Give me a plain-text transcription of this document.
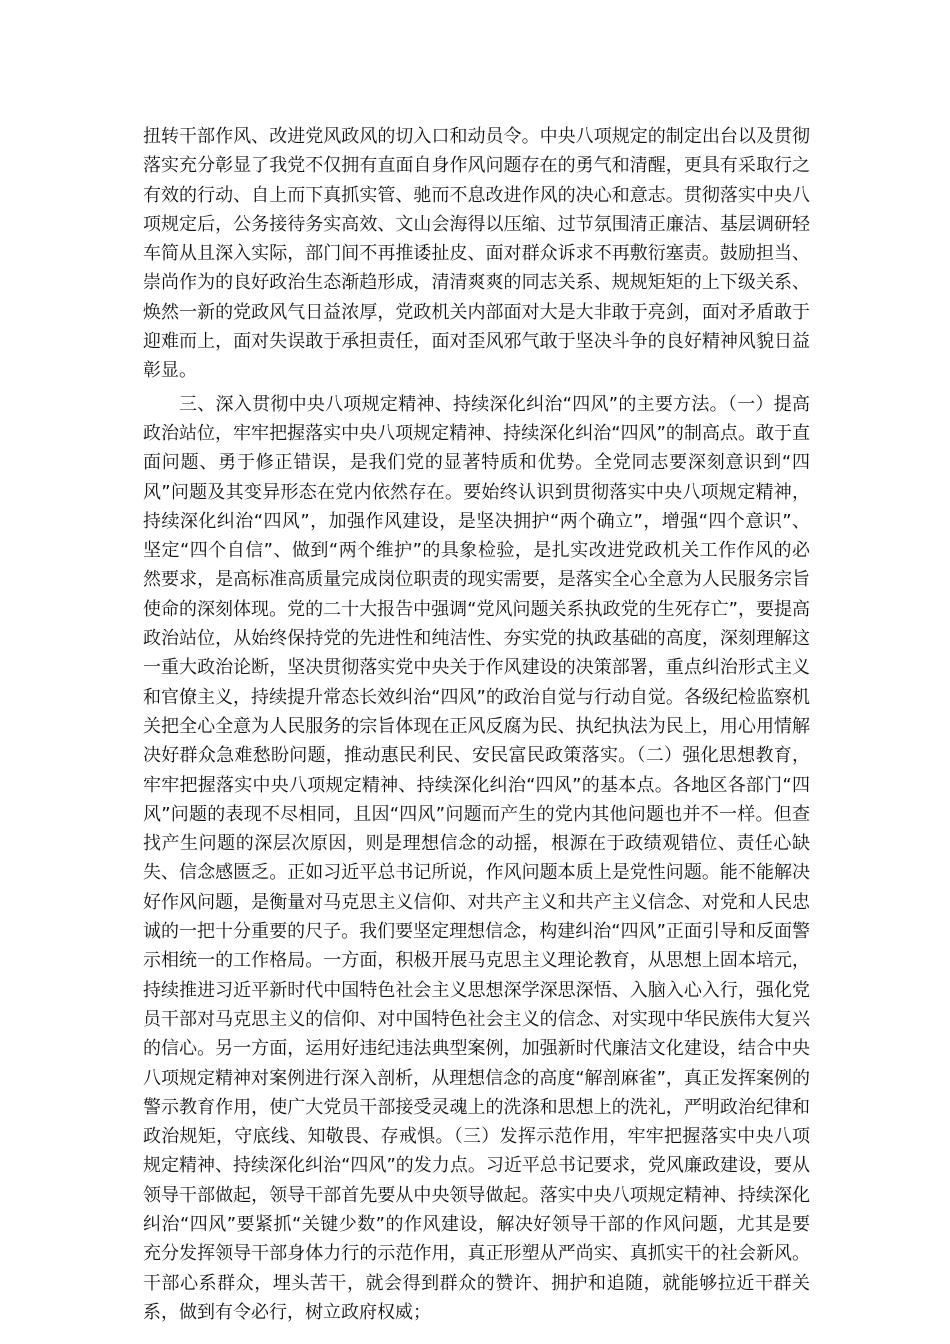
扭转干部作风、改进党风政风的切入口和动员令。中央八项规定的制定出台以及贯彻落实充分彰显了我党不仅拥有直面自身作风问题存在的勇气和清醒，更具有采取行之有效的行动、自上而下真抓实管、驰而不息改进作风的决心和意志。贯彻落实中央八项规定后，公务接待务实高效、文山会海得以压缩、过节氛围清正廉洁、基层调研轻车简从且深入实际，部门间不再推诿扯皮、面对群众诉求不再敷衍塞责。鼓励担当、崇尚作为的良好政治生态渐趋形成，清清爽爽的同志关系、规规矩矩的上下级关系、焕然一新的党政风气日益浓厚，党政机关内部面对大是大非敢于亮剑，面对矛盾敢于迎难而上，面对失误敢于承担责任，面对歪风邪气敢于坚决斗争的良好精神风貌日益彰显。

三、深入贯彻中央八项规定精神、持续深化纠治“四风”的主要方法。（一）提高政治站位，牢牢把握落实中央八项规定精神、持续深化纠治“四风”的制高点。敢于直面问题、勇于修正错误，是我们党的显著特质和优势。全党同志要深刻意识到“四风”问题及其变异形态在党内依然存在。要始终认识到贯彻落实中央八项规定精神，持续深化纠治“四风”，加强作风建设，是坚决拥护“两个确立”，增强“四个意识”、坚定“四个自信”、做到“两个维护”的具象检验，是扎实改进党政机关工作作风的必然要求，是高标准高质量完成岗位职责的现实需要，是落实全心全意为人民服务宗旨使命的深刻体现。党的二十大报告中强调“党风问题关系执政党的生死存亡”，要提高政治站位，从始终保持党的先进性和纯洁性、夯实党的执政基础的高度，深刻理解这一重大政治论断，坚决贯彻落实党中央关于作风建设的决策部署，重点纠治形式主义和官僚主义，持续提升常态长效纠治“四风”的政治自觉与行动自觉。各级纪检监察机关把全心全意为人民服务的宗旨体现在正风反腐为民、执纪执法为民上，用心用情解决好群众急难愁盼问题，推动惠民利民、安民富民政策落实。（二）强化思想教育，牢牢把握落实中央八项规定精神、持续深化纠治“四风”的基本点。各地区各部门“四风”问题的表现不尽相同，且因“四风”问题而产生的党内其他问题也并不一样。但查找产生问题的深层次原因，则是理想信念的动摇，根源在于政绩观错位、责任心缺失、信念感匮乏。正如习近平总书记所说，作风问题本质上是党性问题。能不能解决好作风问题，是衡量对马克思主义信仰、对共产主义和共产主义信念、对党和人民忠诚的一把十分重要的尺子。我们要坚定理想信念，构建纠治“四风”正面引导和反面警示相统一的工作格局。一方面，积极开展马克思主义理论教育，从思想上固本培元，持续推进习近平新时代中国特色社会主义思想深学深思深悟、入脑入心入行，强化党员干部对马克思主义的信仰、对中国特色社会主义的信念、对实现中华民族伟大复兴的信心。另一方面，运用好违纪违法典型案例，加强新时代廉洁文化建设，结合中央八项规定精神对案例进行深入剖析，从理想信念的高度“解剖麻雀”，真正发挥案例的警示教育作用，使广大党员干部接受灵魂上的洗涤和思想上的洗礼，严明政治纪律和政治规矩，守底线、知敬畏、存戒惧。（三）发挥示范作用，牢牢把握落实中央八项规定精神、持续深化纠治“四风”的发力点。习近平总书记要求，党风廉政建设，要从领导干部做起，领导干部首先要从中央领导做起。落实中央八项规定精神、持续深化纠治“四风”要紧抓“关键少数”的作风建设，解决好领导干部的作风问题，尤其是要充分发挥领导干部身体力行的示范作用，真正形塑从严尚实、真抓实干的社会新风。干部心系群众，埋头苦干，就会得到群众的赞许、拥护和追随，就能够拉近干群关系，做到有令必行，树立政府权威；
